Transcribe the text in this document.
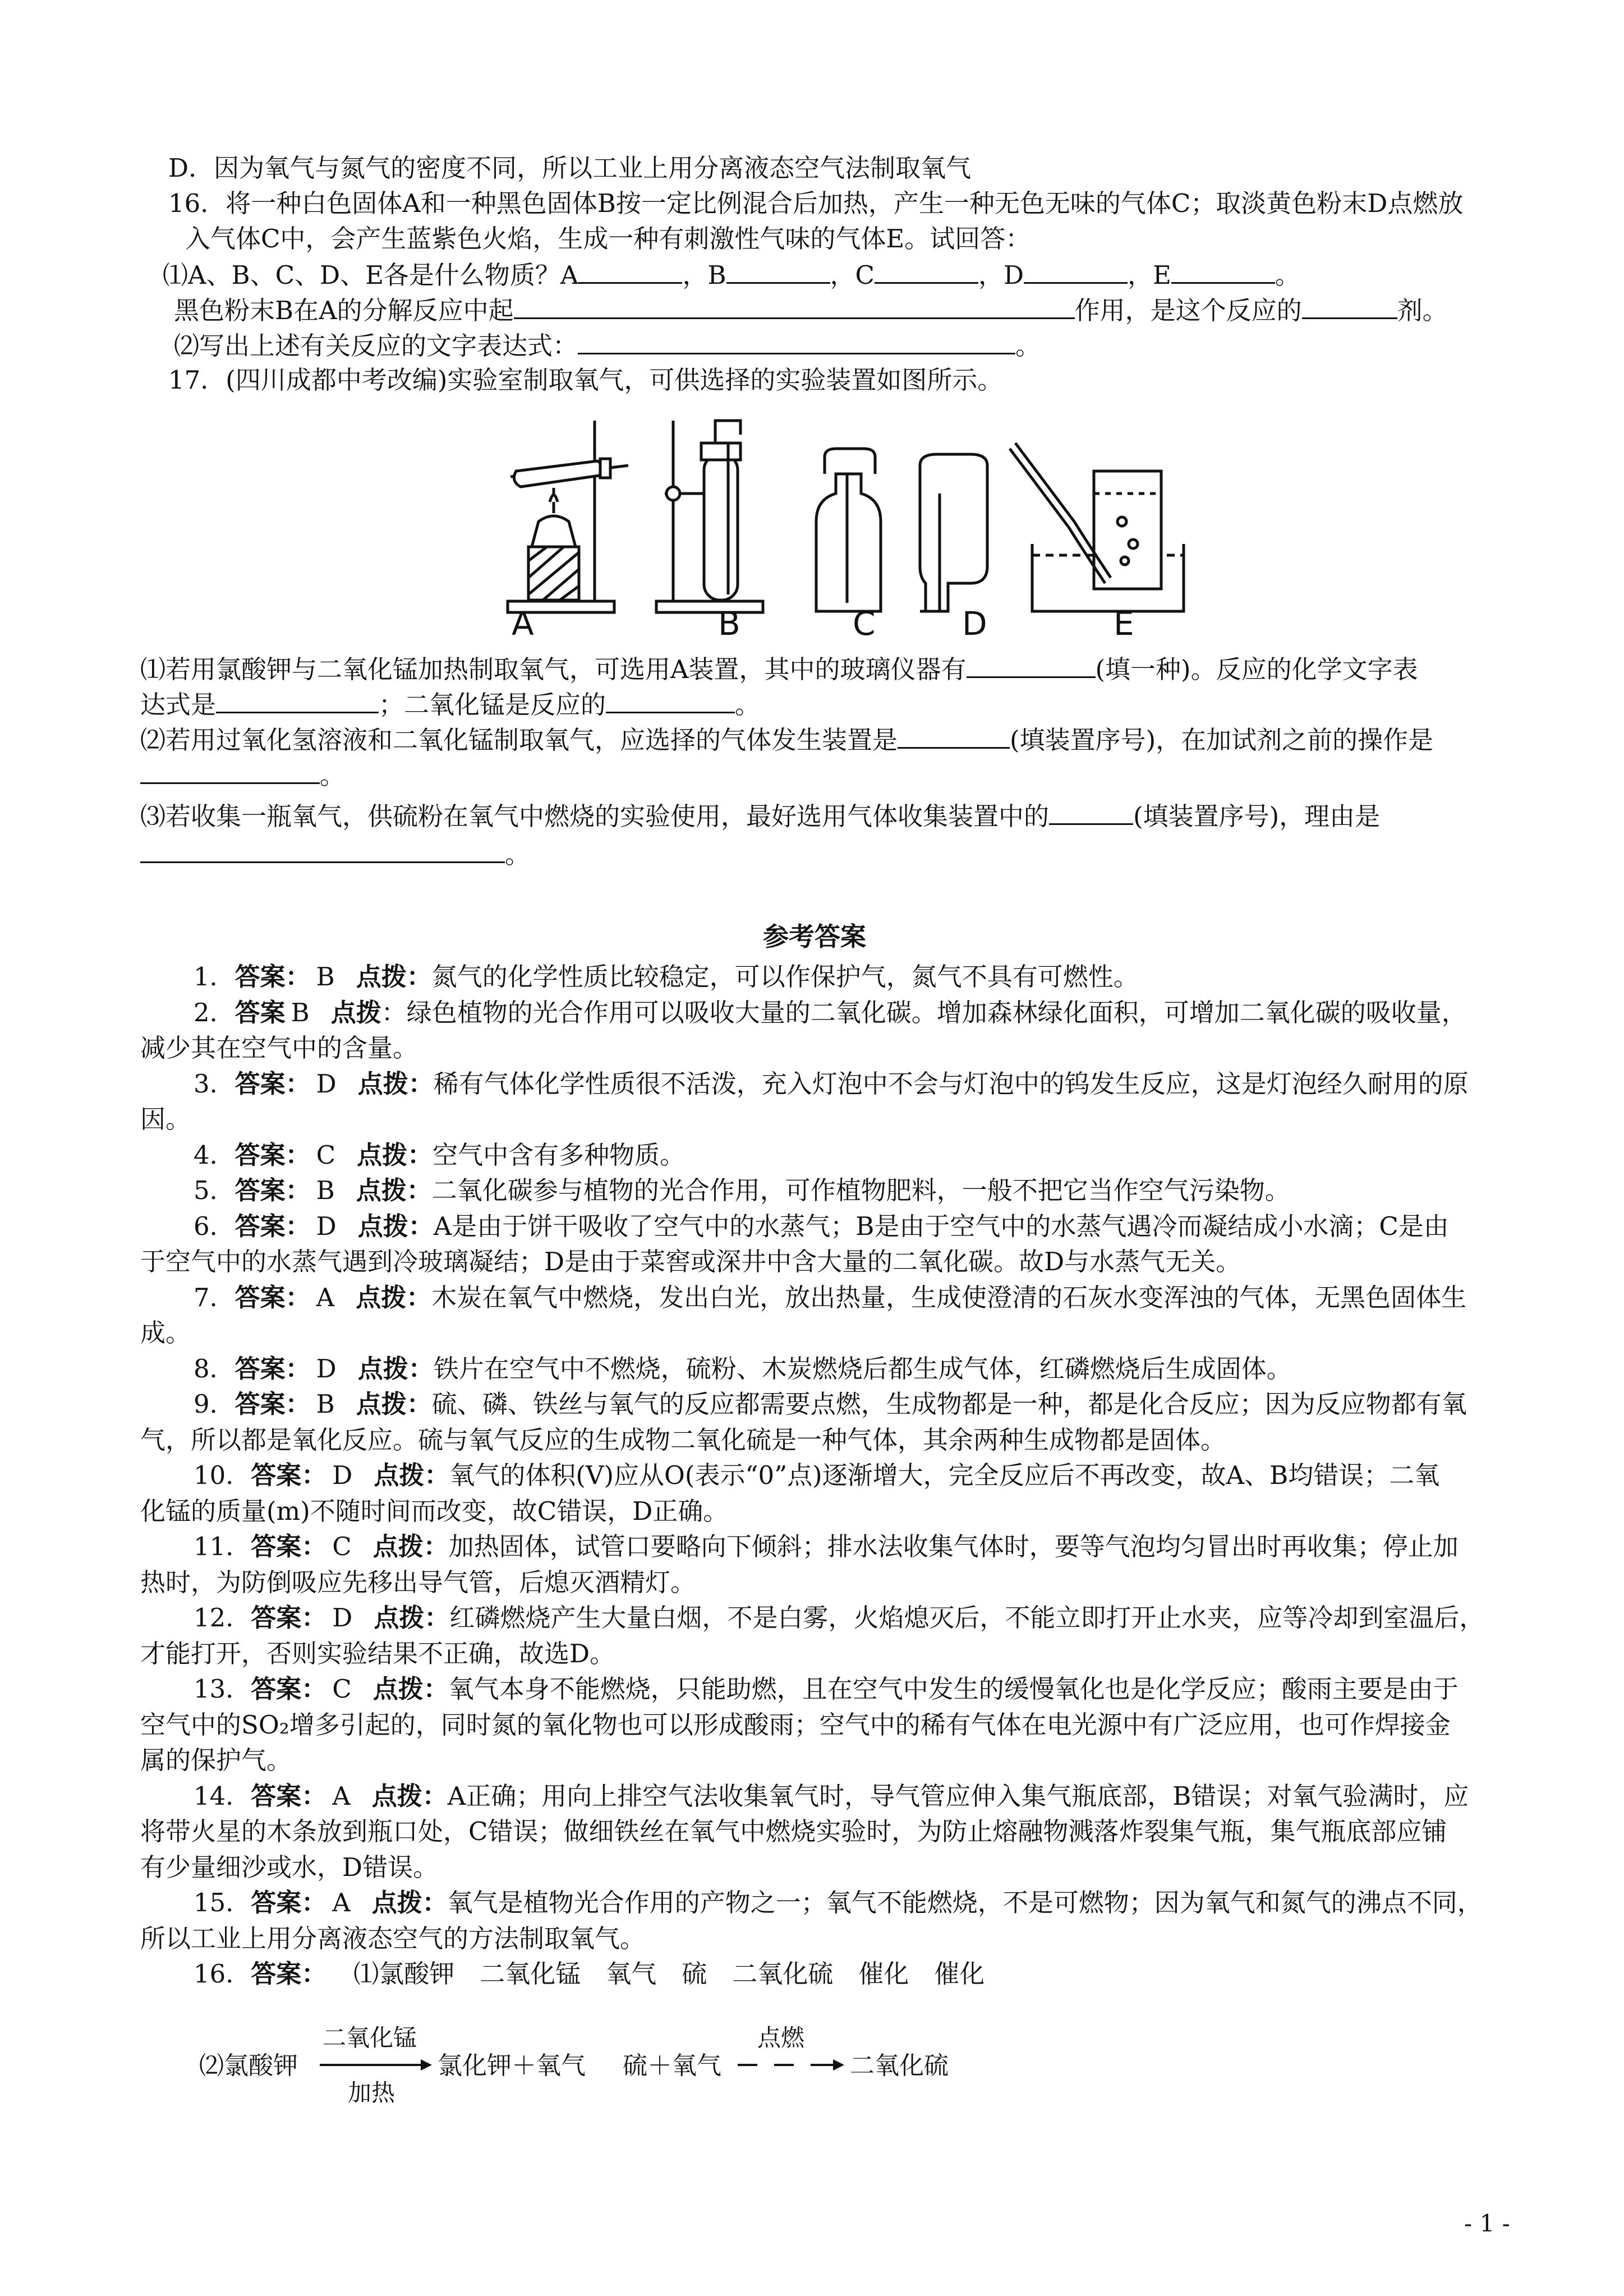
D．因为氧气与氮气的密度不同，所以工业上用分离液态空气法制取氧气
16．将一种白色固体A和一种黑色固体B按一定比例混合后加热，产生一种无色无味的气体C；取淡黄色粉末D点燃放
入气体C中，会产生蓝紫色火焰，生成一种有刺激性气味的气体E。试回答：
⑴A、B、C、D、E各是什么物质？A	，B	，C	，D	，E	。
黑色粉末B在A的分解反应中起	作用，是这个反应的	剂。
⑵写出上述有关反应的文字表达式：	。
17．(四川成都中考改编)实验室制取氧气，可供选择的实验装置如图所示。
A	B	C	D	E
⑴若用氯酸钾与二氧化锰加热制取氧气，可选用A装置，其中的玻璃仪器有	(填一种)。反应的化学文字表
达式是	；二氧化锰是反应的	。
⑵若用过氧化氢溶液和二氧化锰制取氧气，应选择的气体发生装置是	(填装置序号)，在加试剂之前的操作是
。
⑶若收集一瓶氧气，供硫粉在氧气中燃烧的实验使用，最好选用气体收集装置中的	(填装置序号)，理由是
。
参考答案
1．答案： B 点拨：氮气的化学性质比较稳定，可以作保护气，氮气不具有可燃性。
2．答案 B 点拨：绿色植物的光合作用可以吸收大量的二氧化碳。增加森林绿化面积，可增加二氧化碳的吸收量，
减少其在空气中的含量。
3．答案： D 点拨：稀有气体化学性质很不活泼，充入灯泡中不会与灯泡中的钨发生反应，这是灯泡经久耐用的原
因。
4．答案： C 点拨：空气中含有多种物质。
5．答案： B 点拨：二氧化碳参与植物的光合作用，可作植物肥料，一般不把它当作空气污染物。
6．答案： D 点拨：A是由于饼干吸收了空气中的水蒸气；B是由于空气中的水蒸气遇冷而凝结成小水滴；C是由
于空气中的水蒸气遇到冷玻璃凝结；D是由于菜窖或深井中含大量的二氧化碳。故D与水蒸气无关。
7．答案： A 点拨：木炭在氧气中燃烧，发出白光，放出热量，生成使澄清的石灰水变浑浊的气体，无黑色固体生
成。
8．答案： D 点拨：铁片在空气中不燃烧，硫粉、木炭燃烧后都生成气体，红磷燃烧后生成固体。
9．答案： B 点拨：硫、磷、铁丝与氧气的反应都需要点燃，生成物都是一种，都是化合反应；因为反应物都有氧
气，所以都是氧化反应。硫与氧气反应的生成物二氧化硫是一种气体，其余两种生成物都是固体。
10．答案： D 点拨：氧气的体积(V)应从O(表示“0”点)逐渐增大，完全反应后不再改变，故A、B均错误；二氧
化锰的质量(m)不随时间而改变，故C错误，D正确。
11．答案： C 点拨：加热固体，试管口要略向下倾斜；排水法收集气体时，要等气泡均匀冒出时再收集；停止加
热时，为防倒吸应先移出导气管，后熄灭酒精灯。
12．答案： D 点拨：红磷燃烧产生大量白烟，不是白雾，火焰熄灭后，不能立即打开止水夹，应等冷却到室温后，
才能打开，否则实验结果不正确，故选D。
13．答案： C 点拨：氧气本身不能燃烧，只能助燃，且在空气中发生的缓慢氧化也是化学反应；酸雨主要是由于
空气中的SO₂增多引起的，同时氮的氧化物也可以形成酸雨；空气中的稀有气体在电光源中有广泛应用，也可作焊接金
属的保护气。
14．答案： A 点拨：A正确；用向上排空气法收集氧气时，导气管应伸入集气瓶底部，B错误；对氧气验满时，应
将带火星的木条放到瓶口处，C错误；做细铁丝在氧气中燃烧实验时，为防止熔融物溅落炸裂集气瓶，集气瓶底部应铺
有少量细沙或水，D错误。
15．答案： A 点拨：氧气是植物光合作用的产物之一；氧气不能燃烧，不是可燃物；因为氧气和氮气的沸点不同，
所以工业上用分离液态空气的方法制取氧气。
16．答案： ⑴氯酸钾　二氧化锰　氧气　硫　二氧化硫　催化　催化
⑵氯酸钾
二氧化锰
加热
氯化钾＋氧气 硫＋氧气
点燃
二氧化硫
- 1 -
